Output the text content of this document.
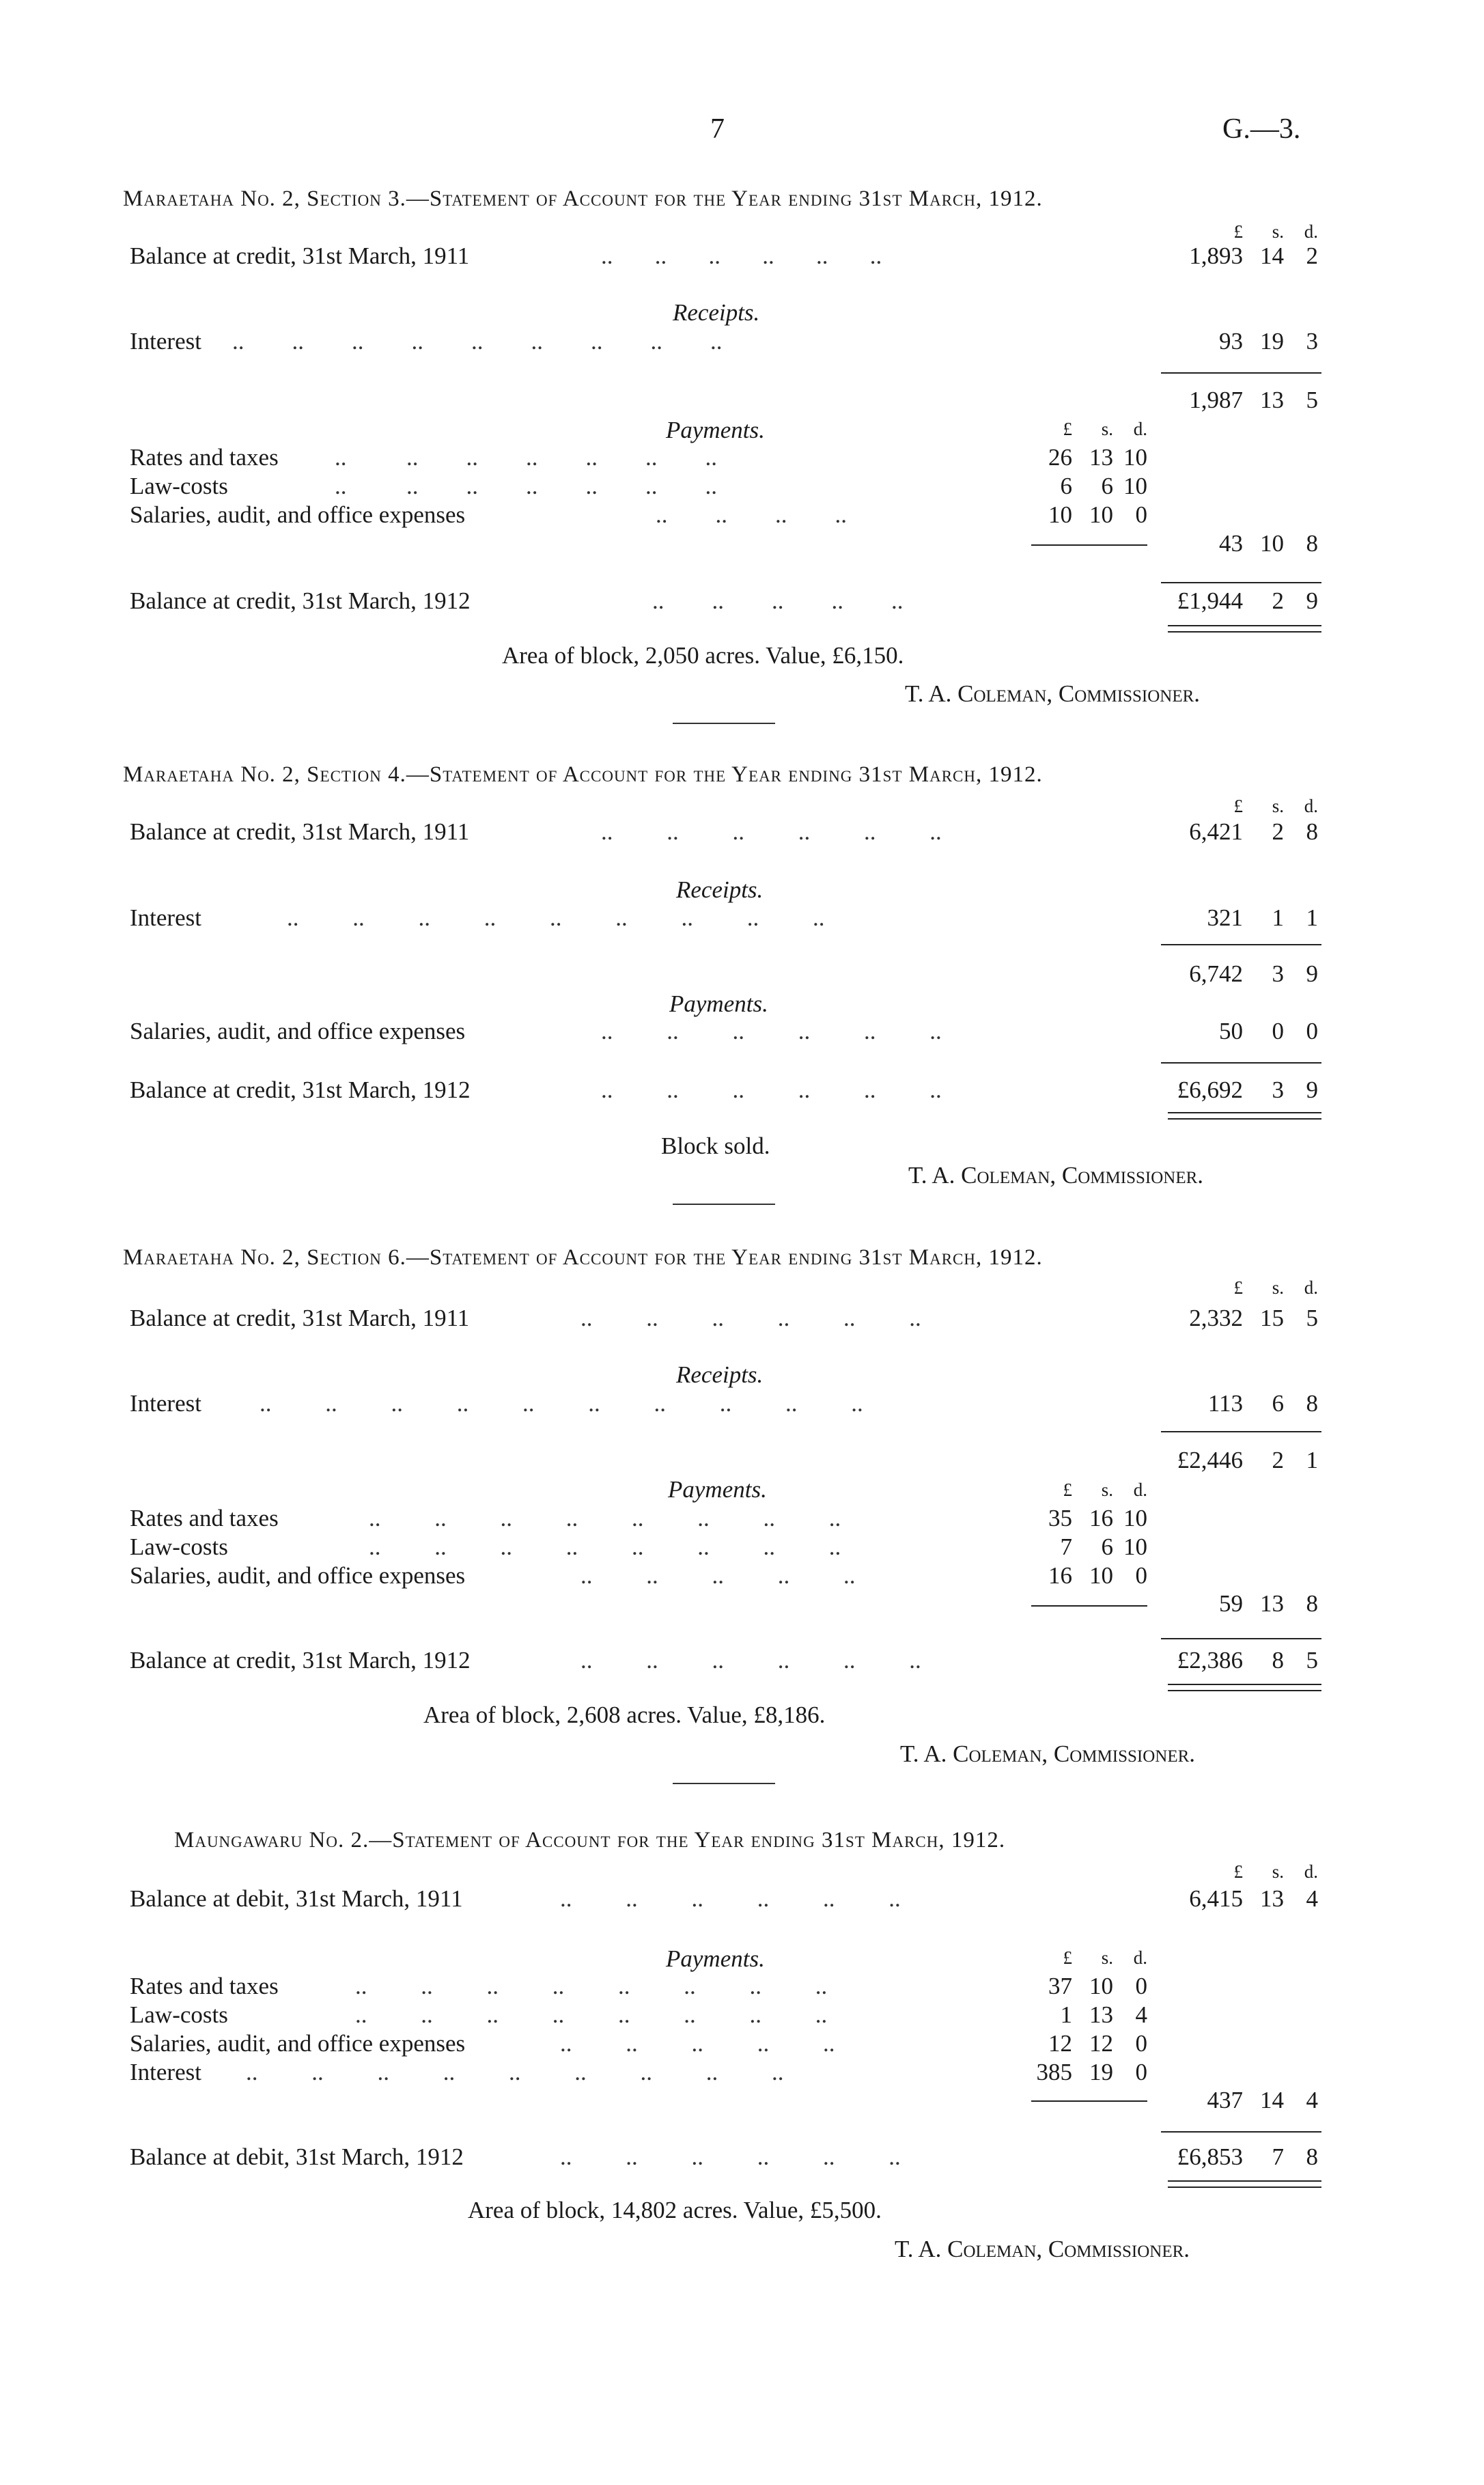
7	G.—3.
Maraetaha No. 2, Section 3.—Statement of Account for the Year ending 31st March, 1912.
£	s.	d.
Balance at credit, 31st March, 1911	..       ..       ..       ..       ..       ..	1,893 14 2
Receipts.
Interest ..        ..        ..        ..        ..        ..        ..        ..        ..	93 19 3
1,987 13 5
Payments.	£	s.	d.
Rates and taxes ..          ..        ..        ..        ..        ..        ..	26 13 10
Law-costs	..          ..        ..        ..        ..        ..        ..	6	6 10
Salaries, audit, and office expenses	..        ..        ..        ..	10 10 0
43 10 8
Balance at credit, 31st March, 1912	..        ..        ..        ..        ..	£1,944	2 9
Area of block, 2,050 acres. Value, £6,150.
T. A. Coleman, Commissioner.
Maraetaha No. 2, Section 4.—Statement of Account for the Year ending 31st March, 1912.
£	s.	d.
Balance at credit, 31st March, 1911	..         ..         ..         ..         ..         ..	6,421	2 8
Receipts.
Interest	..         ..         ..         ..         ..         ..         ..         ..         ..	321	1 1
6,742	3 9
Payments.
Salaries, audit, and office expenses	..         ..         ..         ..         ..         ..	50	0 0
Balance at credit, 31st March, 1912	..         ..         ..         ..         ..         ..	£6,692	3 9
Block sold.
T. A. Coleman, Commissioner.
Maraetaha No. 2, Section 6.—Statement of Account for the Year ending 31st March, 1912.
£	s.	d.
Balance at credit, 31st March, 1911	..         ..         ..         ..         ..         ..	2,332 15 5
Receipts.
Interest ..         ..         ..         ..         ..         ..         ..         ..         ..         ..	113	6 8
£2,446	2 1
Payments.	£	s.	d.
Rates and taxes	..         ..         ..         ..         ..         ..         ..         ..	35 16 10
Law-costs	..         ..         ..         ..         ..         ..         ..         ..	7	6 10
Salaries, audit, and office expenses	..         ..         ..         ..         ..	16 10 0
59 13 8
Balance at credit, 31st March, 1912	..         ..         ..         ..         ..         ..	£2,386	8 5
Area of block, 2,608 acres. Value, £8,186.
T. A. Coleman, Commissioner.
Maungawaru No. 2.—Statement of Account for the Year ending 31st March, 1912.
£	s.	d.
Balance at debit, 31st March, 1911	..         ..         ..         ..         ..         ..	6,415 13 4
Payments.	£	s.	d.
Rates and taxes	..         ..         ..         ..         ..         ..         ..         ..	37 10 0
Law-costs	..         ..         ..         ..         ..         ..         ..         ..	1 13 4
Salaries, audit, and office expenses	..         ..         ..         ..         ..	12 12 0
Interest ..         ..         ..         ..         ..         ..         ..         ..         ..	385 19 0
437 14 4
Balance at debit, 31st March, 1912	..         ..         ..         ..         ..         ..	£6,853	7 8
Area of block, 14,802 acres. Value, £5,500.
T. A. Coleman, Commissioner.
